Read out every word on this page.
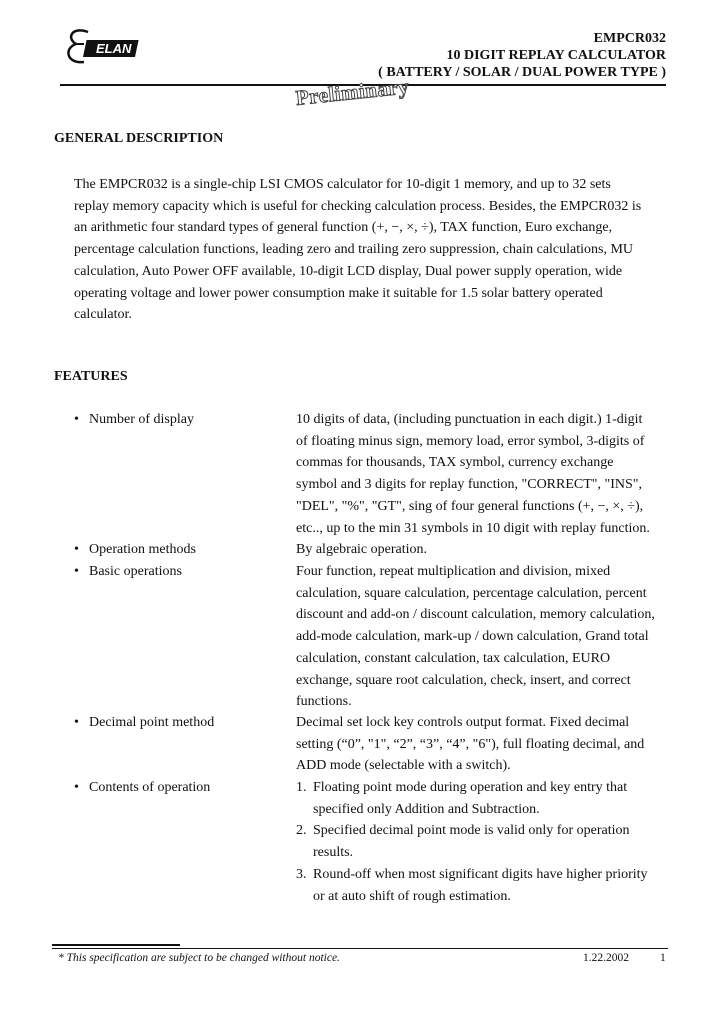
ELAN
EMPCR032
10 DIGIT REPLAY CALCULATOR
( BATTERY / SOLAR / DUAL POWER TYPE )
Preliminary
GENERAL DESCRIPTION
The EMPCR032 is a single-chip LSI CMOS calculator for 10-digit 1 memory, and up to 32 sets
replay memory capacity which is useful for checking calculation process. Besides, the EMPCR032 is
an arithmetic four standard types of general function (+, −, ×, ÷), TAX function, Euro exchange,
percentage calculation functions, leading zero and trailing zero suppression, chain calculations, MU
calculation, Auto Power OFF available, 10-digit LCD display, Dual power supply operation, wide
operating voltage and lower power consumption make it suitable for 1.5 solar battery operated
calculator.
FEATURES
• Number of display	10 digits of data, (including punctuation in each digit.) 1-digit
of floating minus sign, memory load, error symbol, 3-digits of
commas for thousands, TAX symbol, currency exchange
symbol and 3 digits for replay function, "CORRECT", "INS",
"DEL", "%", "GT", sing of four general functions (+, −, ×, ÷),
etc.., up to the min 31 symbols in 10 digit with replay function.
• Operation methods	By algebraic operation.
• Basic operations	Four function, repeat multiplication and division, mixed
calculation, square calculation, percentage calculation, percent
discount and add-on / discount calculation, memory calculation,
add-mode calculation, mark-up / down calculation, Grand total
calculation, constant calculation, tax calculation, EURO
exchange, square root calculation, check, insert, and correct
functions.
• Decimal point method	Decimal set lock key controls output format. Fixed decimal
setting (“0”, "1", “2”, “3”, “4”, "6"), full floating decimal, and
ADD mode (selectable with a switch).
• Contents of operation	1. Floating point mode during operation and key entry that
specified only Addition and Subtraction.
2. Specified decimal point mode is valid only for operation
results.
3. Round-off when most significant digits have higher priority
or at auto shift of rough estimation.
* This specification are subject to be changed without notice.	1.22.2002	1
